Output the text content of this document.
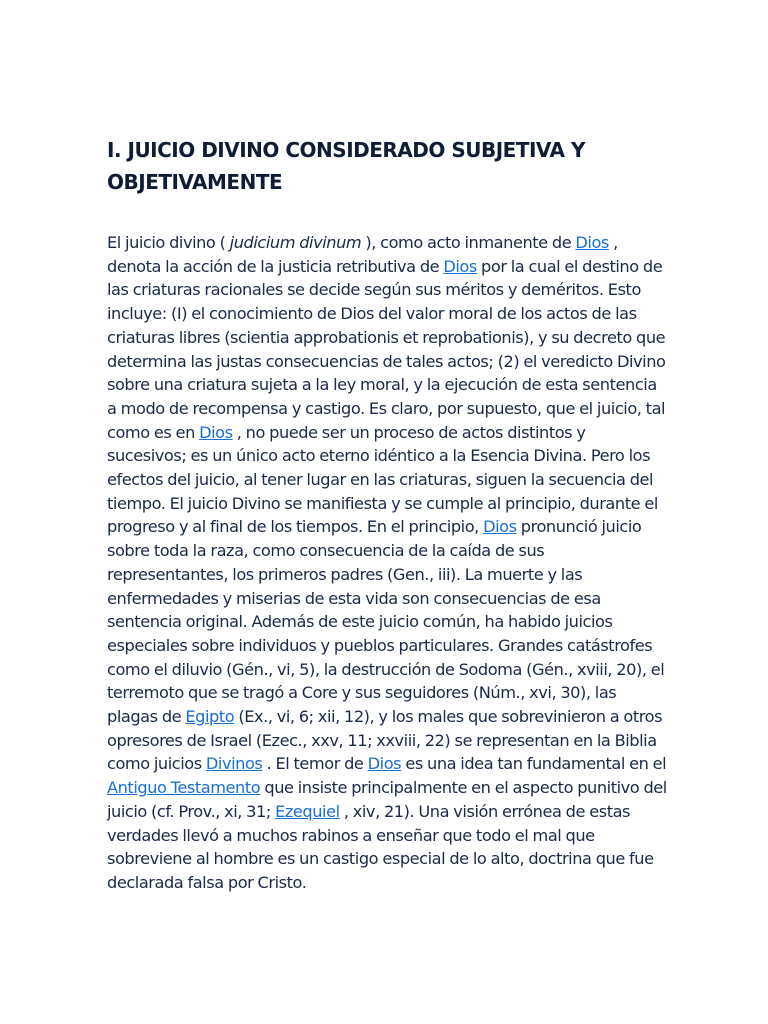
I. JUICIO DIVINO CONSIDERADO SUBJETIVA Y OBJETIVAMENTE

El juicio divino ( judicium divinum ), como acto inmanente de Dios , denota la acción de la justicia retributiva de Dios por la cual el destino de las criaturas racionales se decide según sus méritos y deméritos. Esto incluye: (I) el conocimiento de Dios del valor moral de los actos de las criaturas libres (scientia approbationis et reprobationis), y su decreto que determina las justas consecuencias de tales actos; (2) el veredicto Divino sobre una criatura sujeta a la ley moral, y la ejecución de esta sentencia a modo de recompensa y castigo. Es claro, por supuesto, que el juicio, tal como es en Dios , no puede ser un proceso de actos distintos y sucesivos; es un único acto eterno idéntico a la Esencia Divina. Pero los efectos del juicio, al tener lugar en las criaturas, siguen la secuencia del tiempo. El juicio Divino se manifiesta y se cumple al principio, durante el progreso y al final de los tiempos. En el principio, Dios pronunció juicio sobre toda la raza, como consecuencia de la caída de sus representantes, los primeros padres (Gen., iii). La muerte y las enfermedades y miserias de esta vida son consecuencias de esa sentencia original. Además de este juicio común, ha habido juicios especiales sobre individuos y pueblos particulares. Grandes catástrofes como el diluvio (Gén., vi, 5), la destrucción de Sodoma (Gén., xviii, 20), el terremoto que se tragó a Core y sus seguidores (Núm., xvi, 30), las plagas de Egipto (Ex., vi, 6; xii, 12), y los males que sobrevinieron a otros opresores de Israel (Ezec., xxv, 11; xxviii, 22) se representan en la Biblia como juicios Divinos . El temor de Dios es una idea tan fundamental en el Antiguo Testamento que insiste principalmente en el aspecto punitivo del juicio (cf. Prov., xi, 31; Ezequiel , xiv, 21). Una visión errónea de estas verdades llevó a muchos rabinos a enseñar que todo el mal que sobreviene al hombre es un castigo especial de lo alto, doctrina que fue declarada falsa por Cristo.
